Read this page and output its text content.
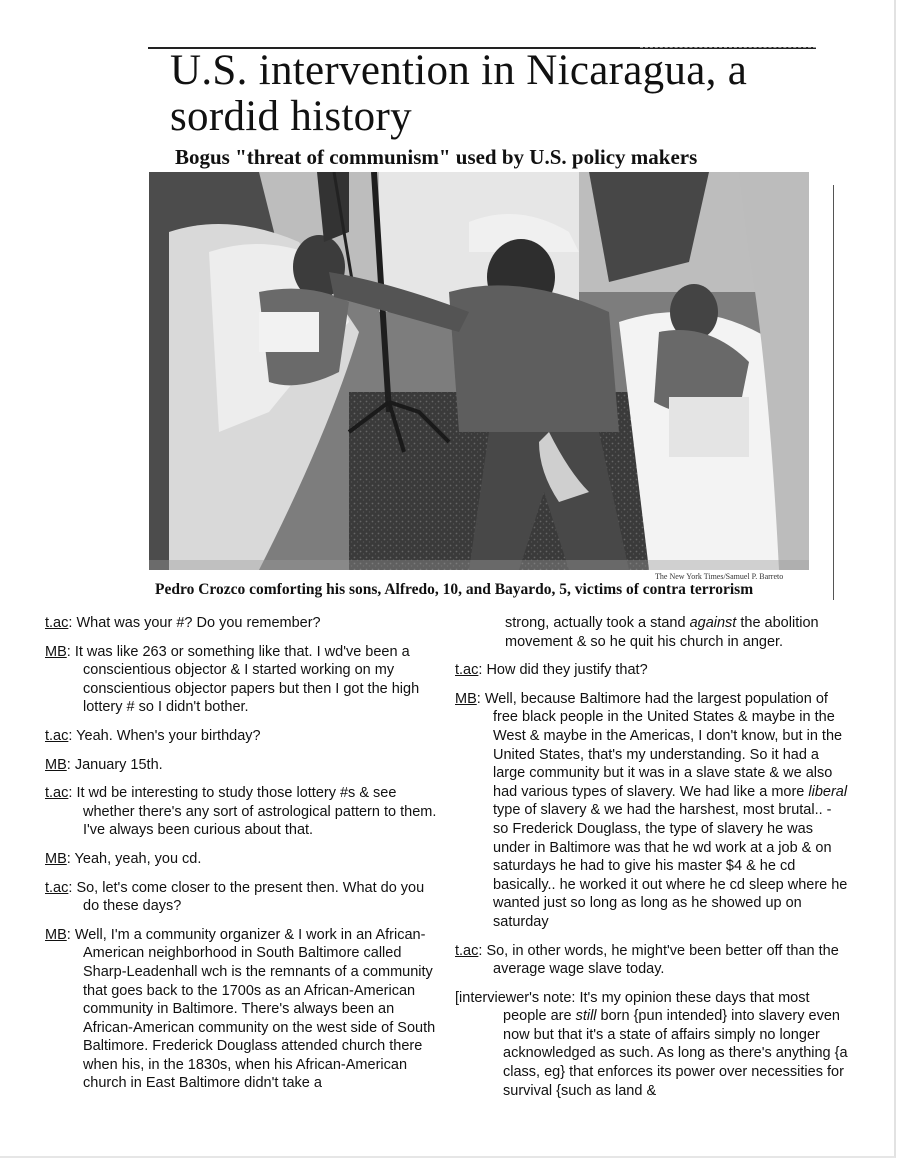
U.S. intervention in Nicaragua, a sordid history
Bogus "threat of communism" used by U.S. policy makers
The New York Times/Samuel P. Barreto

Pedro Crozco comforting his sons, Alfredo, 10, and Bayardo, 5, victims of contra terrorism

t.ac: What was your #? Do you remember?

MB: It was like 263 or something like that. I wd've been a conscientious objector & I started working on my conscientious objector papers but then I got the high lottery # so I didn't bother.

t.ac: Yeah. When's your birthday?

MB: January 15th.

t.ac: It wd be interesting to study those lottery #s & see whether there's any sort of astrological pattern to them. I've always been curious about that.

MB: Yeah, yeah, you cd.

t.ac: So, let's come closer to the present then. What do you do these days?

MB: Well, I'm a community organizer & I work in an African-American neighborhood in South Baltimore called Sharp-Leadenhall wch is the remnants of a community that goes back to the 1700s as an African-American community in Baltimore. There's always been an African-American community on the west side of South Baltimore. Frederick Douglass attended church there when his, in the 1830s, when his African-American church in East Baltimore didn't take a

strong, actually took a stand against the abolition movement & so he quit his church in anger.

t.ac: How did they justify that?

MB: Well, because Baltimore had the largest population of free black people in the United States & maybe in the West & maybe in the Americas, I don't know, but in the United States, that's my understanding. So it had a large community but it was in a slave state & we also had various types of slavery. We had like a more liberal type of slavery & we had the harshest, most brutal.. - so Frederick Douglass, the type of slavery he was under in Baltimore was that he wd work at a job & on saturdays he had to give his master $4 & he cd basically.. he worked it out where he cd sleep where he wanted just so long as long as he showed up on saturday

t.ac: So, in other words, he might've been better off than the average wage slave today.

[interviewer's note: It's my opinion these days that most people are still born {pun intended} into slavery even now but that it's a state of affairs simply no longer acknowledged as such. As long as there's anything {a class, eg} that enforces its power over necessities for survival {such as land &
